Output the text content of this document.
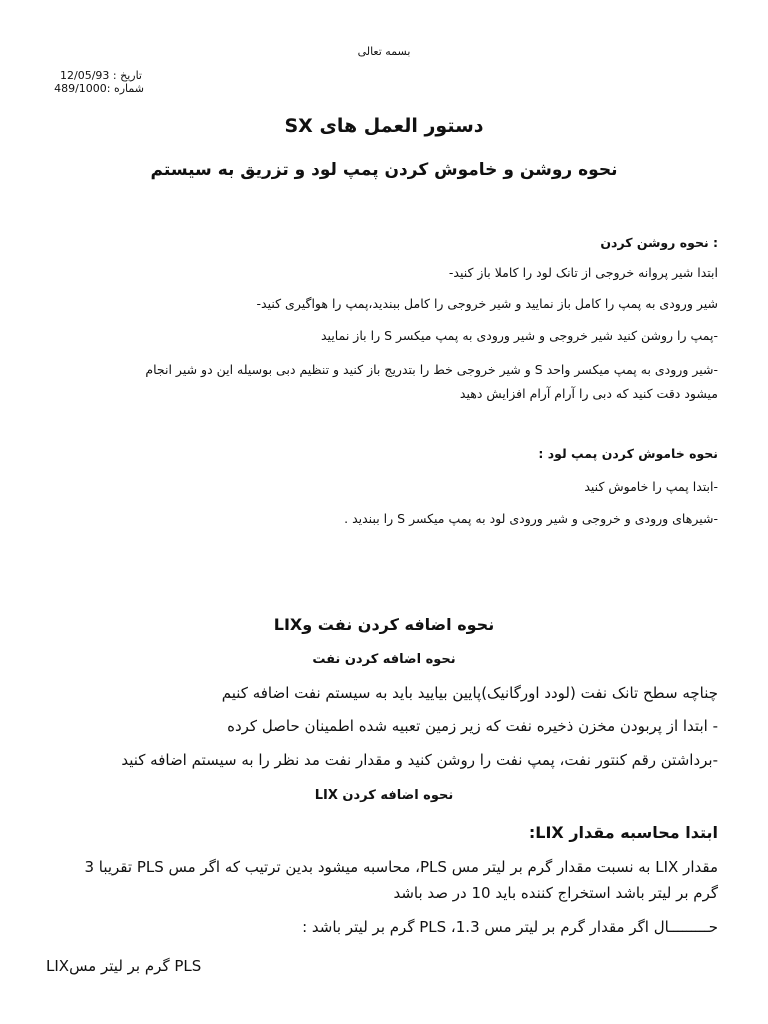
بسمه تعالی
تاریخ : 12/05/93
شماره :489/1000
دستور العمل های SX
نحوه روشن و خاموش کردن پمپ لود و تزریق به سیستم
: نحوه روشن کردن
ابتدا شیر پروانه خروجی از تانک لود را کاملا باز کنید-
شیر ورودی به پمپ را کامل باز نمایید و شیر خروجی را کامل ببندید،پمپ را هواگیری کنید-
-پمپ را روشن کنید شیر خروجی و شیر ورودی به پمپ میکسر S را باز نمایید
-شیر ورودی به پمپ میکسر واحد S و شیر خروجی خط را بتدریج باز کنید و تنظیم دبی بوسیله این دو شیر انجام
میشود دقت کنید که دبی را آرام آرام افزایش دهید
نحوه خاموش کردن پمپ لود :
-ابتدا پمپ را خاموش کنید
-شیرهای ورودی و خروجی و شیر ورودی لود به پمپ میکسر S را ببندید .
نحوه اضافه کردن نفت وLIX
نحوه اضافه کردن نفت
چناچه سطح تانک نفت (لودد اورگانیک)پایین بیایید باید به سیستم نفت اضافه کنیم
- ابتدا از پربودن مخزن ذخیره نفت که زیر زمین تعبیه شده اطمینان حاصل کرده
-برداشتن رقم کنتور نفت، پمپ نفت را روشن کنید و مقدار نفت مد نظر را به سیستم اضافه کنید
نحوه اضافه کردن LIX
ابتدا محاسبه مقدار LIX:
مقدار LIX به نسبت مقدار گرم بر لیتر مس PLS، محاسبه میشود بدین ترتیب که اگر مس PLS تقریبا 3
گرم بر لیتر باشد استخراج کننده باید 10 در صد باشد
حـــــــــال اگر مقدار گرم بر لیتر مس PLS ،1.3 گرم بر لیتر باشد :
LIXگرم بر لیتر مس PLS
